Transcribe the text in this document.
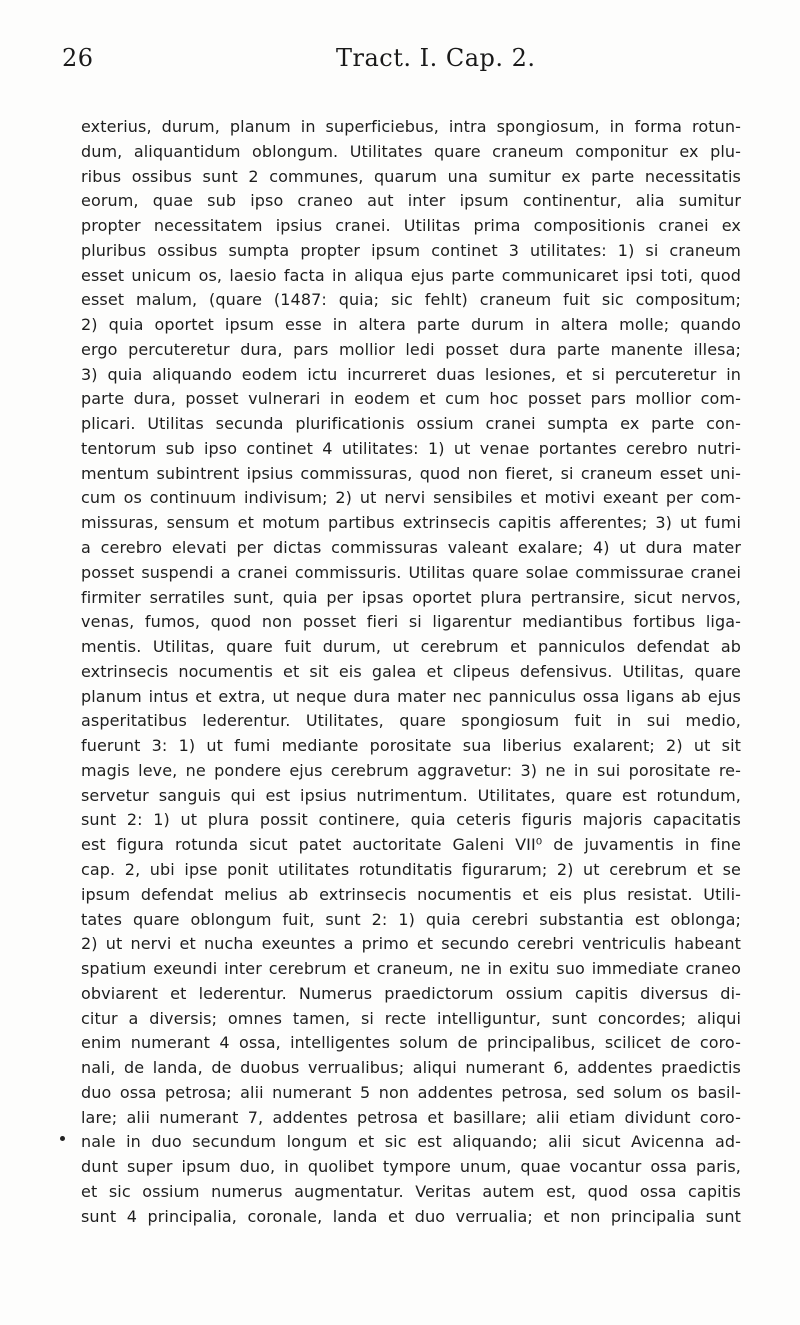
26	Tract. I. Cap. 2.
exterius, durum, planum in superficiebus, intra spongiosum, in forma rotun-
dum, aliquantidum oblongum. Utilitates quare craneum componitur ex plu-
ribus ossibus sunt 2 communes, quarum una sumitur ex parte necessitatis
eorum, quae sub ipso craneo aut inter ipsum continentur, alia sumitur
propter necessitatem ipsius cranei. Utilitas prima compositionis cranei ex
pluribus ossibus sumpta propter ipsum continet 3 utilitates: 1) si craneum
esset unicum os, laesio facta in aliqua ejus parte communicaret ipsi toti, quod
esset malum, (quare (1487: quia; sic fehlt) craneum fuit sic compositum;
2) quia oportet ipsum esse in altera parte durum in altera molle; quando
ergo percuteretur dura, pars mollior ledi posset dura parte manente illesa;
3) quia aliquando eodem ictu incurreret duas lesiones, et si percuteretur in
parte dura, posset vulnerari in eodem et cum hoc posset pars mollior com-
plicari. Utilitas secunda plurificationis ossium cranei sumpta ex parte con-
tentorum sub ipso continet 4 utilitates: 1) ut venae portantes cerebro nutri-
mentum subintrent ipsius commissuras, quod non fieret, si craneum esset uni-
cum os continuum indivisum; 2) ut nervi sensibiles et motivi exeant per com-
missuras, sensum et motum partibus extrinsecis capitis afferentes; 3) ut fumi
a cerebro elevati per dictas commissuras valeant exalare; 4) ut dura mater
posset suspendi a cranei commissuris. Utilitas quare solae commissurae cranei
firmiter serratiles sunt, quia per ipsas oportet plura pertransire, sicut nervos,
venas, fumos, quod non posset fieri si ligarentur mediantibus fortibus liga-
mentis. Utilitas, quare fuit durum, ut cerebrum et panniculos defendat ab
extrinsecis nocumentis et sit eis galea et clipeus defensivus. Utilitas, quare
planum intus et extra, ut neque dura mater nec panniculus ossa ligans ab ejus
asperitatibus lederentur. Utilitates, quare spongiosum fuit in sui medio,
fuerunt 3: 1) ut fumi mediante porositate sua liberius exalarent; 2) ut sit
magis leve, ne pondere ejus cerebrum aggravetur: 3) ne in sui porositate re-
servetur sanguis qui est ipsius nutrimentum. Utilitates, quare est rotundum,
sunt 2: 1) ut plura possit continere, quia ceteris figuris majoris capacitatis
est figura rotunda sicut patet auctoritate Galeni VII⁰ de juvamentis in fine
cap. 2, ubi ipse ponit utilitates rotunditatis figurarum; 2) ut cerebrum et se
ipsum defendat melius ab extrinsecis nocumentis et eis plus resistat. Utili-
tates quare oblongum fuit, sunt 2: 1) quia cerebri substantia est oblonga;
2) ut nervi et nucha exeuntes a primo et secundo cerebri ventriculis habeant
spatium exeundi inter cerebrum et craneum, ne in exitu suo immediate craneo
obviarent et lederentur. Numerus praedictorum ossium capitis diversus di-
citur a diversis; omnes tamen, si recte intelliguntur, sunt concordes; aliqui
enim numerant 4 ossa, intelligentes solum de principalibus, scilicet de coro-
nali, de landa, de duobus verrualibus; aliqui numerant 6, addentes praedictis
duo ossa petrosa; alii numerant 5 non addentes petrosa, sed solum os basil-
lare; alii numerant 7, addentes petrosa et basillare; alii etiam dividunt coro-
nale in duo secundum longum et sic est aliquando; alii sicut Avicenna ad-
dunt super ipsum duo, in quolibet tympore unum, quae vocantur ossa paris,
et sic ossium numerus augmentatur. Veritas autem est, quod ossa capitis
sunt 4 principalia, coronale, landa et duo verrualia; et non principalia sunt
